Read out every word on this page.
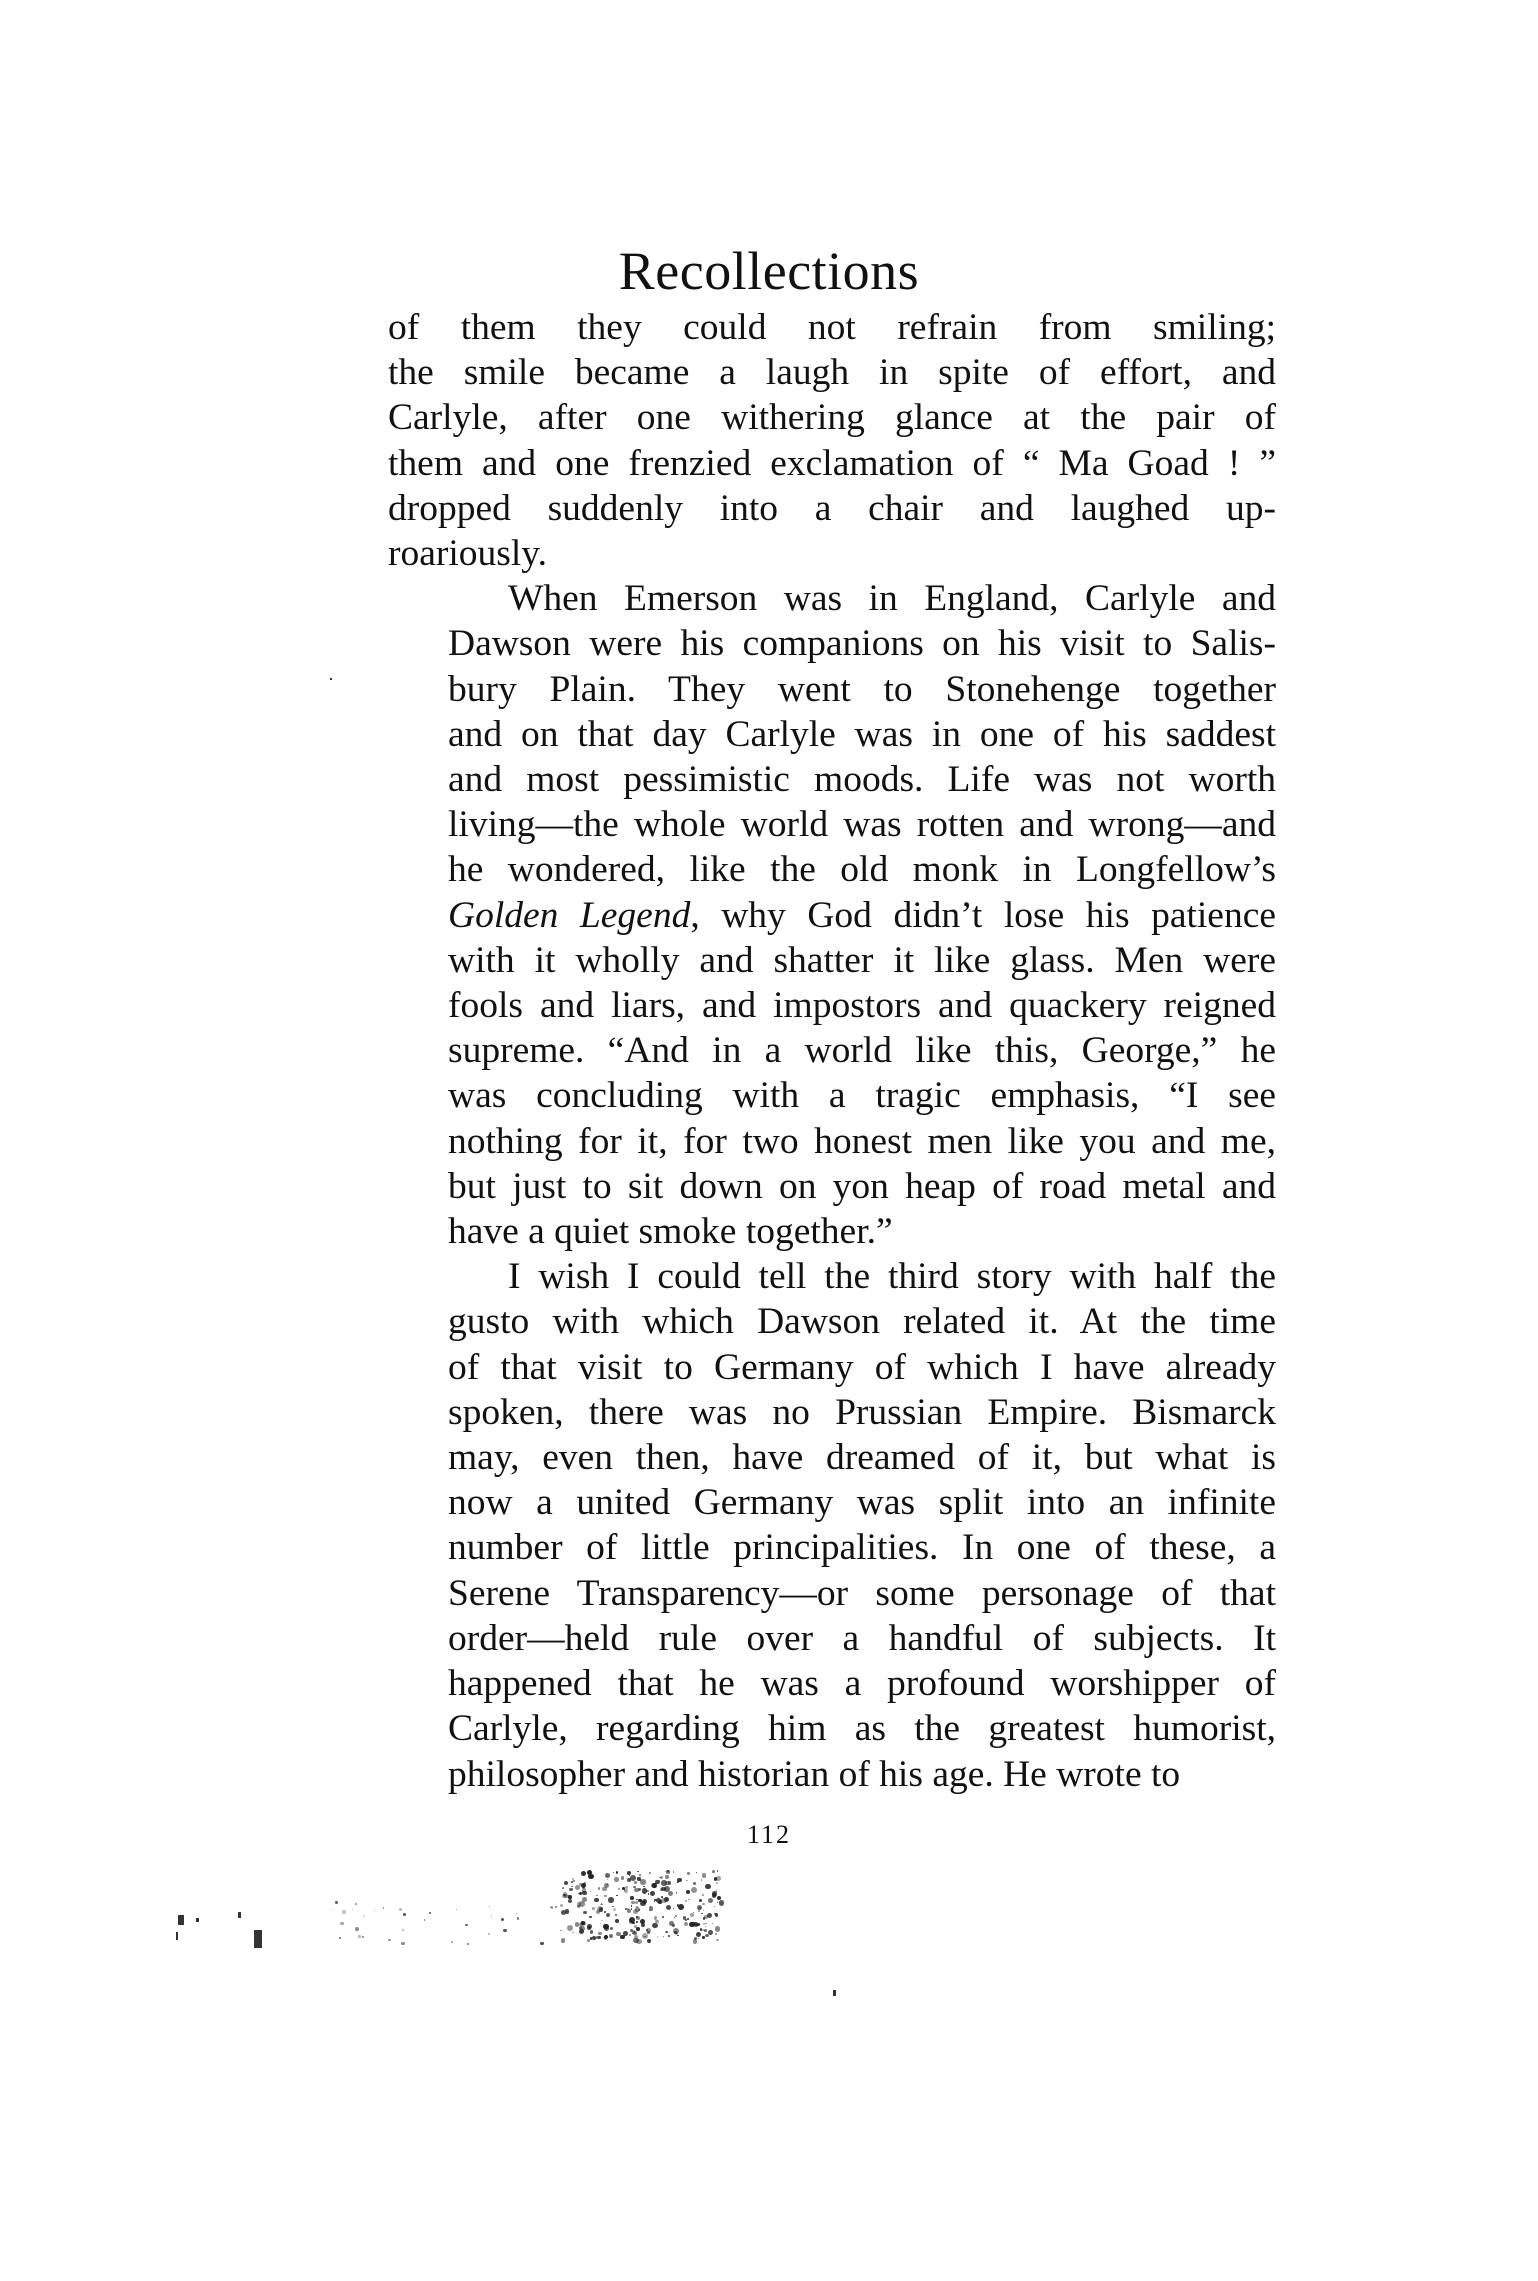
Recollections
of them they could not refrain from smiling;
the smile became a laugh in spite of effort, and
Carlyle, after one withering glance at the pair of
them and one frenzied exclamation of “ Ma Goad ! ”
dropped suddenly into a chair and laughed up-
roariously.
When Emerson was in England, Carlyle and
Dawson were his companions on his visit to Salis-
bury Plain. They went to Stonehenge together
and on that day Carlyle was in one of his saddest
and most pessimistic moods. Life was not worth
living—the whole world was rotten and wrong—and
he wondered, like the old monk in Longfellow’s
Golden Legend, why God didn’t lose his patience
with it wholly and shatter it like glass. Men were
fools and liars, and impostors and quackery reigned
supreme. “And in a world like this, George,” he
was concluding with a tragic emphasis, “I see
nothing for it, for two honest men like you and me,
but just to sit down on yon heap of road metal and
have a quiet smoke together.”
I wish I could tell the third story with half the
gusto with which Dawson related it. At the time
of that visit to Germany of which I have already
spoken, there was no Prussian Empire. Bismarck
may, even then, have dreamed of it, but what is
now a united Germany was split into an infinite
number of little principalities. In one of these, a
Serene Transparency—or some personage of that
order—held rule over a handful of subjects. It
happened that he was a profound worshipper of
Carlyle, regarding him as the greatest humorist,
philosopher and historian of his age. He wrote to
112
